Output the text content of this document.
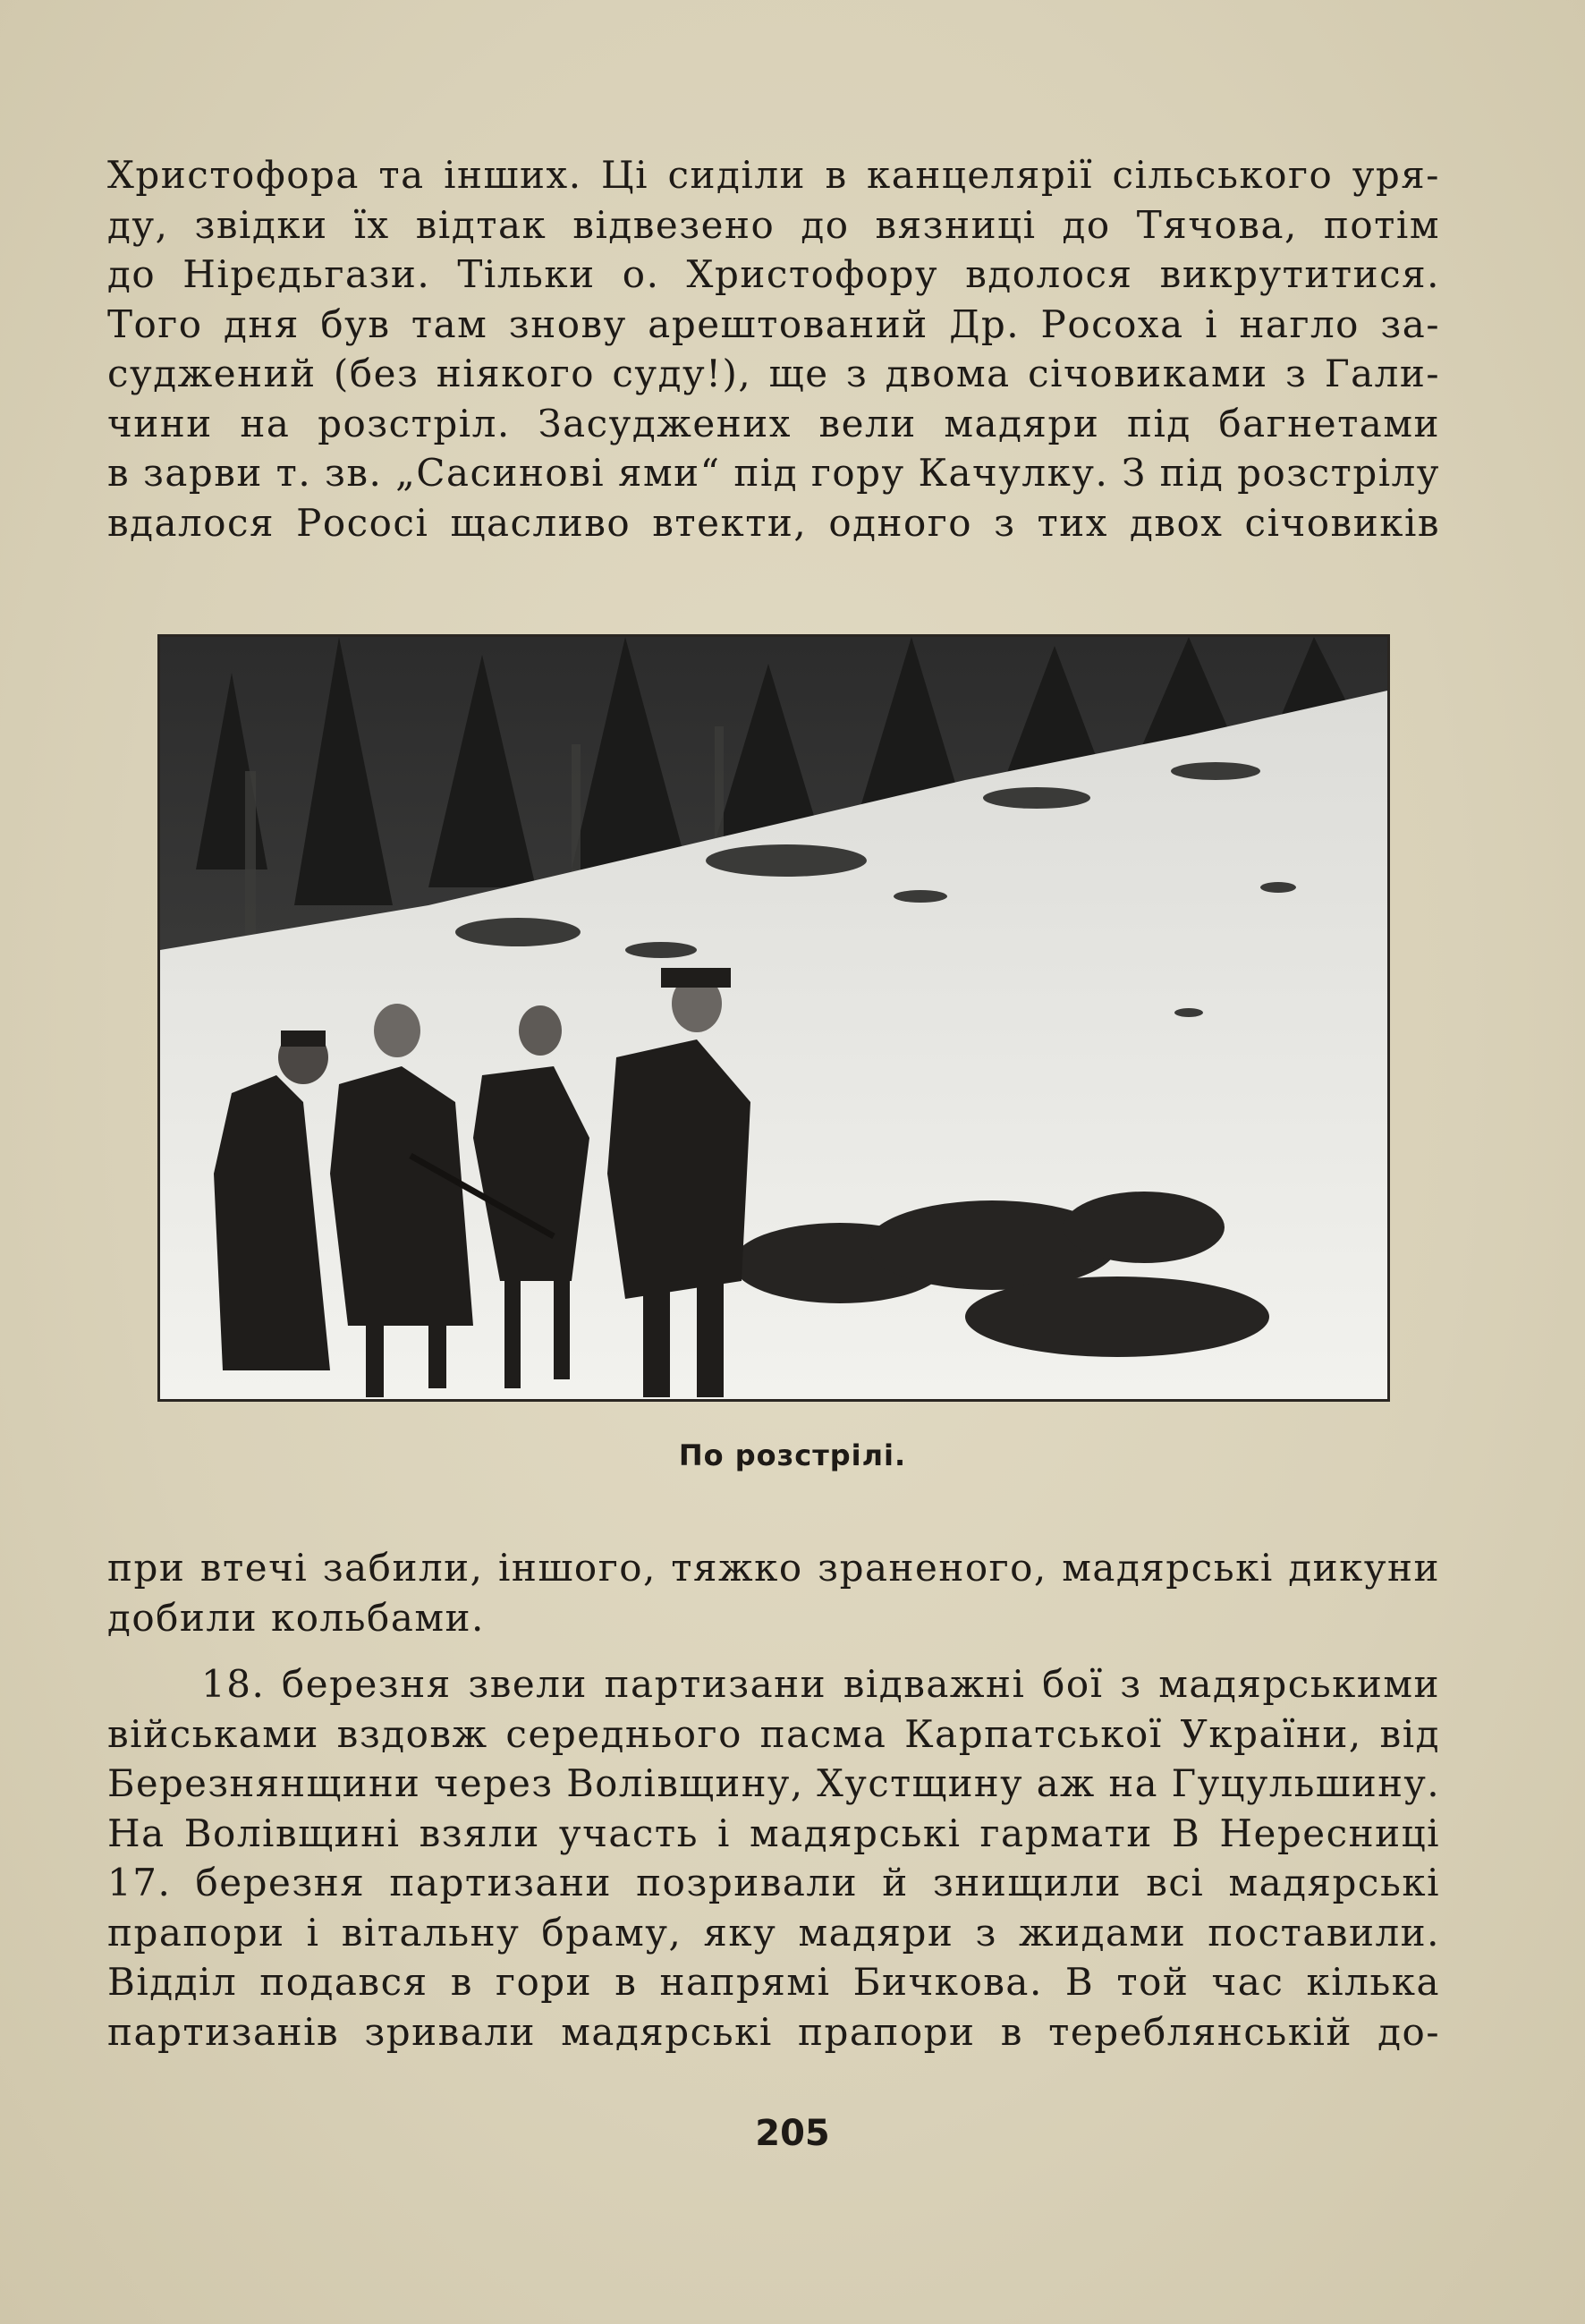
Христофора та інших. Ці сиділи в канцелярії сільського уря-
ду, звідки їх відтак відвезено до вязниці до Тячова, потім
до Нірєдьгази. Тільки о. Христофору вдолося викрутитися.
Того дня був там знову арештований Др. Росоха і нагло за-
суджений (без ніякого суду!), ще з двома січовиками з Гали-
чини на розстріл. Засуджених вели мадяри під багнетами
в зарви т. зв. „Сасинові ями“ під гору Качулку. З під розстрілу
вдалося Рососі щасливо втекти, одного з тих двох січовиків
По розстрілі.
при втечі забили, іншого, тяжко зраненого, мадярські дикуни
добили кольбами.
18. березня звели партизани відважні бої з мадярськими
військами вздовж середнього пасма Карпатської України, від
Березнянщини через Волівщину, Хустщину аж на Гуцульшину.
На Волівщині взяли участь і мадярські гармати В Нересниці
17. березня партизани позривали й знищили всі мадярські
прапори і вітальну браму, яку мадяри з жидами поставили.
Відділ подався в гори в напрямі Бичкова. В той час кілька
партизанів зривали мадярські прапори в тереблянській до-
205
